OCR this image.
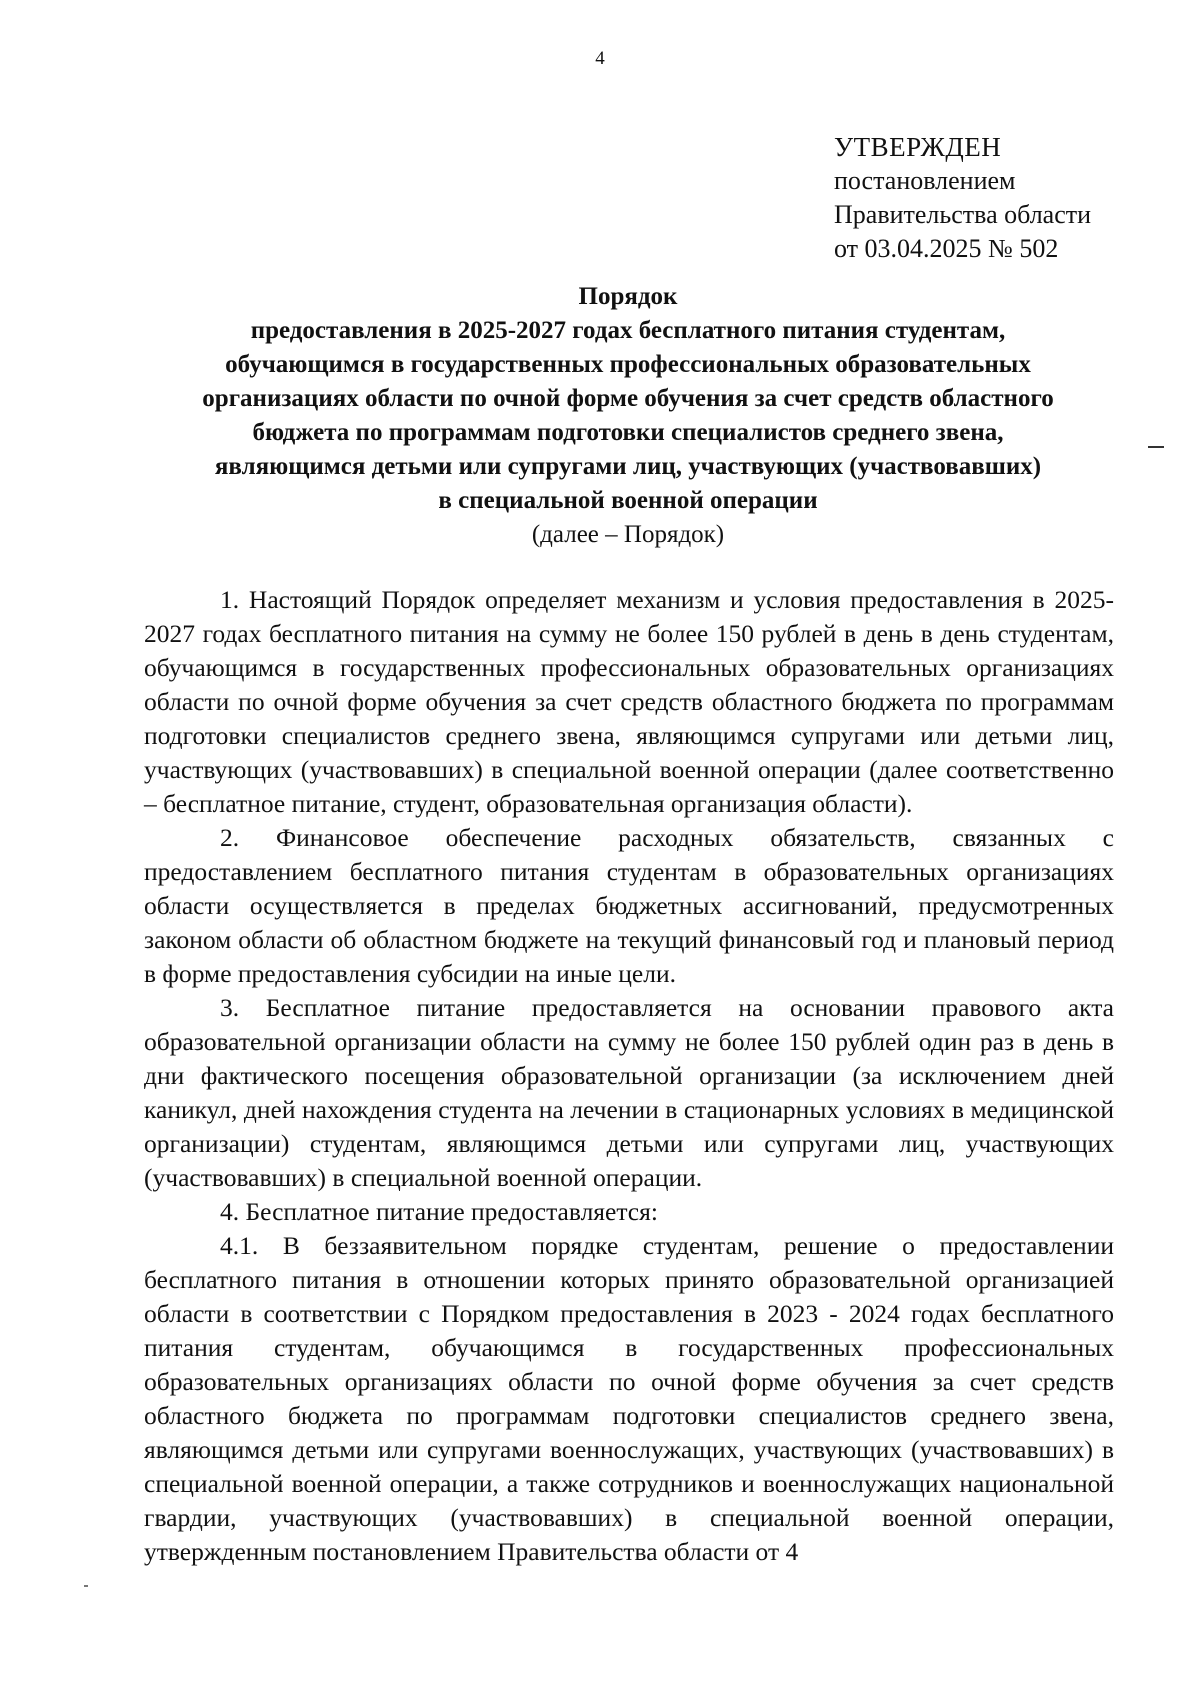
4
УТВЕРЖДЕН
постановлением
Правительства области
от 03.04.2025 № 502
Порядок
предоставления в 2025-2027 годах бесплатного питания студентам,
обучающимся в государственных профессиональных образовательных
организациях области по очной форме обучения за счет средств областного
бюджета по программам подготовки специалистов среднего звена,
являющимся детьми или супругами лиц, участвующих (участвовавших)
в специальной военной операции
(далее – Порядок)

1. Настоящий Порядок определяет механизм и условия предоставления в 2025-2027 годах бесплатного питания на сумму не более 150 рублей в день в день студентам, обучающимся в государственных профессиональных образовательных организациях области по очной форме обучения за счет средств областного бюджета по программам подготовки специалистов среднего звена, являющимся супругами или детьми лиц, участвующих (участвовавших) в специальной военной операции (далее соответственно – бесплатное питание, студент, образовательная организация области).

2. Финансовое обеспечение расходных обязательств, связанных с предоставлением бесплатного питания студентам в образовательных организациях области осуществляется в пределах бюджетных ассигнований, предусмотренных законом области об областном бюджете на текущий финансовый год и плановый период в форме предоставления субсидии на иные цели.

3. Бесплатное питание предоставляется на основании правового акта образовательной организации области на сумму не более 150 рублей один раз в день в дни фактического посещения образовательной организации (за исключением дней каникул, дней нахождения студента на лечении в стационарных условиях в медицинской организации) студентам, являющимся детьми или супругами лиц, участвующих (участвовавших) в специальной военной операции.

4. Бесплатное питание предоставляется:

4.1. В беззаявительном порядке студентам, решение о предоставлении бесплатного питания в отношении которых принято образовательной организацией области в соответствии с Порядком предоставления в 2023 - 2024 годах бесплатного питания студентам, обучающимся в государственных профессиональных образовательных организациях области по очной форме обучения за счет средств областного бюджета по программам подготовки специалистов среднего звена, являющимся детьми или супругами военнослужащих, участвующих (участвовавших) в специальной военной операции, а также сотрудников и военнослужащих национальной гвардии, участвующих (участвовавших) в специальной военной операции, утвержденным постановлением Правительства области от 4
